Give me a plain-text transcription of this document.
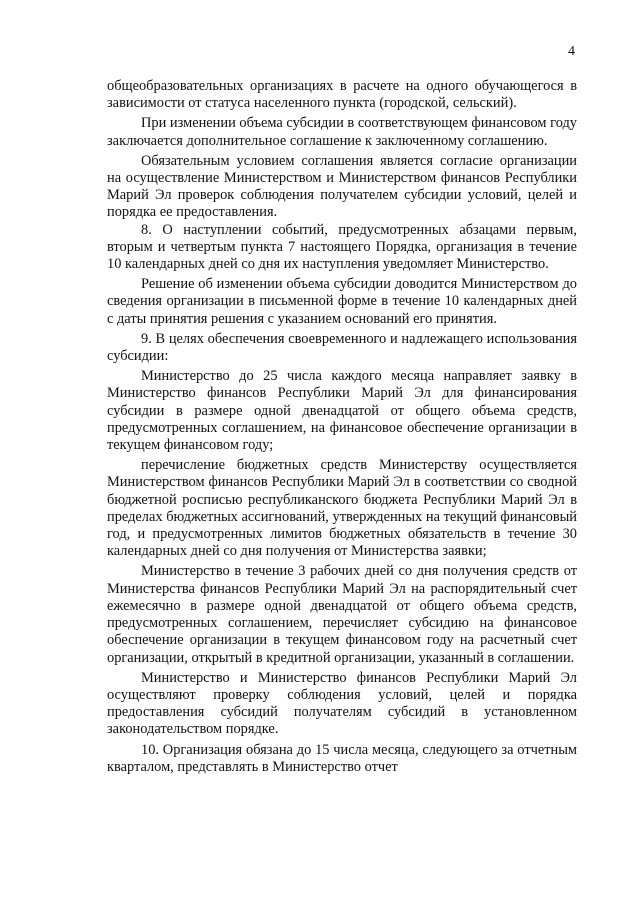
4

общеобразовательных организациях в расчете на одного обучающегося в зависимости от статуса населенного пункта (городской, сельский).

При изменении объема субсидии в соответствующем финансовом году заключается дополнительное соглашение к заключенному соглашению.

Обязательным условием соглашения является согласие организации на осуществление Министерством и Министерством финансов Республики Марий Эл проверок соблюдения получателем субсидии условий, целей и порядка ее предоставления.

8. О наступлении событий, предусмотренных абзацами первым, вторым и четвертым пункта 7 настоящего Порядка, организация в течение 10 календарных дней со дня их наступления уведомляет Министерство.

Решение об изменении объема субсидии доводится Министерством до сведения организации в письменной форме в течение 10 календарных дней с даты принятия решения с указанием оснований его принятия.

9. В целях обеспечения своевременного и надлежащего использования субсидии:

Министерство до 25 числа каждого месяца направляет заявку в Министерство финансов Республики Марий Эл для финансирования субсидии в размере одной двенадцатой от общего объема средств, предусмотренных соглашением, на финансовое обеспечение организации в текущем финансовом году;

перечисление бюджетных средств Министерству осуществляется Министерством финансов Республики Марий Эл в соответствии со сводной бюджетной росписью республиканского бюджета Республики Марий Эл в пределах бюджетных ассигнований, утвержденных на текущий финансовый год, и предусмотренных лимитов бюджетных обязательств в течение 30 календарных дней со дня получения от Министерства заявки;

Министерство в течение 3 рабочих дней со дня получения средств от Министерства финансов Республики Марий Эл на распорядительный счет ежемесячно в размере одной двенадцатой от общего объема средств, предусмотренных соглашением, перечисляет субсидию на финансовое обеспечение организации в текущем финансовом году на расчетный счет организации, открытый в кредитной организации, указанный в соглашении.

Министерство и Министерство финансов Республики Марий Эл осуществляют проверку соблюдения условий, целей и порядка предоставления субсидий получателям субсидий в установленном законодательством порядке.

10. Организация обязана до 15 числа месяца, следующего за отчетным кварталом, представлять в Министерство отчет
